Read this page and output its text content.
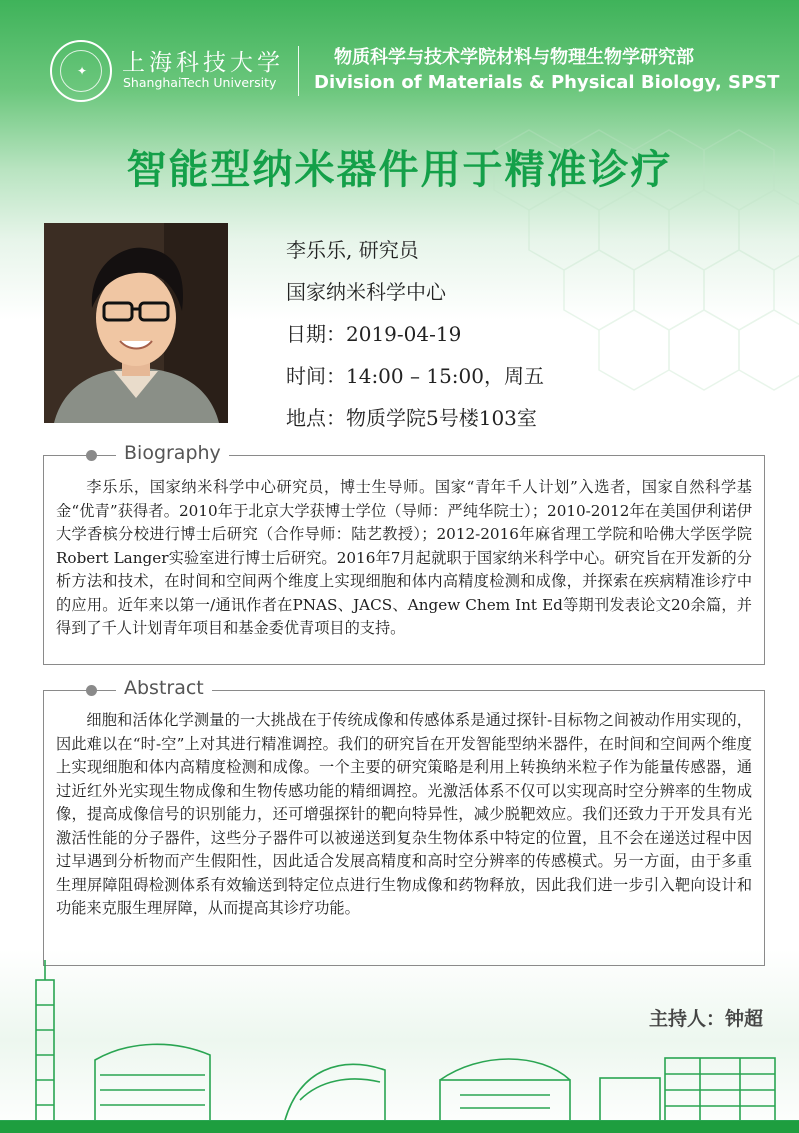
✦	上海科技大学
ShanghaiTech University
物质科学与技术学院材料与物理生物学研究部
Division of Materials & Physical Biology, SPST
智能型纳米器件用于精准诊疗
李乐乐, 研究员
国家纳米科学中心
日期：2019-04-19
时间：14:00 – 15:00，周五
地点：物质学院5号楼103室
Biography
李乐乐，国家纳米科学中心研究员，博士生导师。国家“青年千人计划”入选者，国家自然科学基金“优青”获得者。2010年于北京大学获博士学位（导师：严纯华院士）；2010-2012年在美国伊利诺伊大学香槟分校进行博士后研究（合作导师：陆艺教授）；2012-2016年麻省理工学院和哈佛大学医学院Robert Langer实验室进行博士后研究。2016年7月起就职于国家纳米科学中心。研究旨在开发新的分析方法和技术，在时间和空间两个维度上实现细胞和体内高精度检测和成像，并探索在疾病精准诊疗中的应用。近年来以第一/通讯作者在PNAS、JACS、Angew Chem Int Ed等期刊发表论文20余篇，并得到了千人计划青年项目和基金委优青项目的支持。
Abstract
细胞和活体化学测量的一大挑战在于传统成像和传感体系是通过探针-目标物之间被动作用实现的，因此难以在“时-空”上对其进行精准调控。我们的研究旨在开发智能型纳米器件，在时间和空间两个维度上实现细胞和体内高精度检测和成像。一个主要的研究策略是利用上转换纳米粒子作为能量传感器，通过近红外光实现生物成像和生物传感功能的精细调控。光激活体系不仅可以实现高时空分辨率的生物成像，提高成像信号的识别能力，还可增强探针的靶向特异性，减少脱靶效应。我们还致力于开发具有光激活性能的分子器件，这些分子器件可以被递送到复杂生物体系中特定的位置，且不会在递送过程中因过早遇到分析物而产生假阳性，因此适合发展高精度和高时空分辨率的传感模式。另一方面，由于多重生理屏障阻碍检测体系有效输送到特定位点进行生物成像和药物释放，因此我们进一步引入靶向设计和功能来克服生理屏障，从而提高其诊疗功能。
主持人：钟超
